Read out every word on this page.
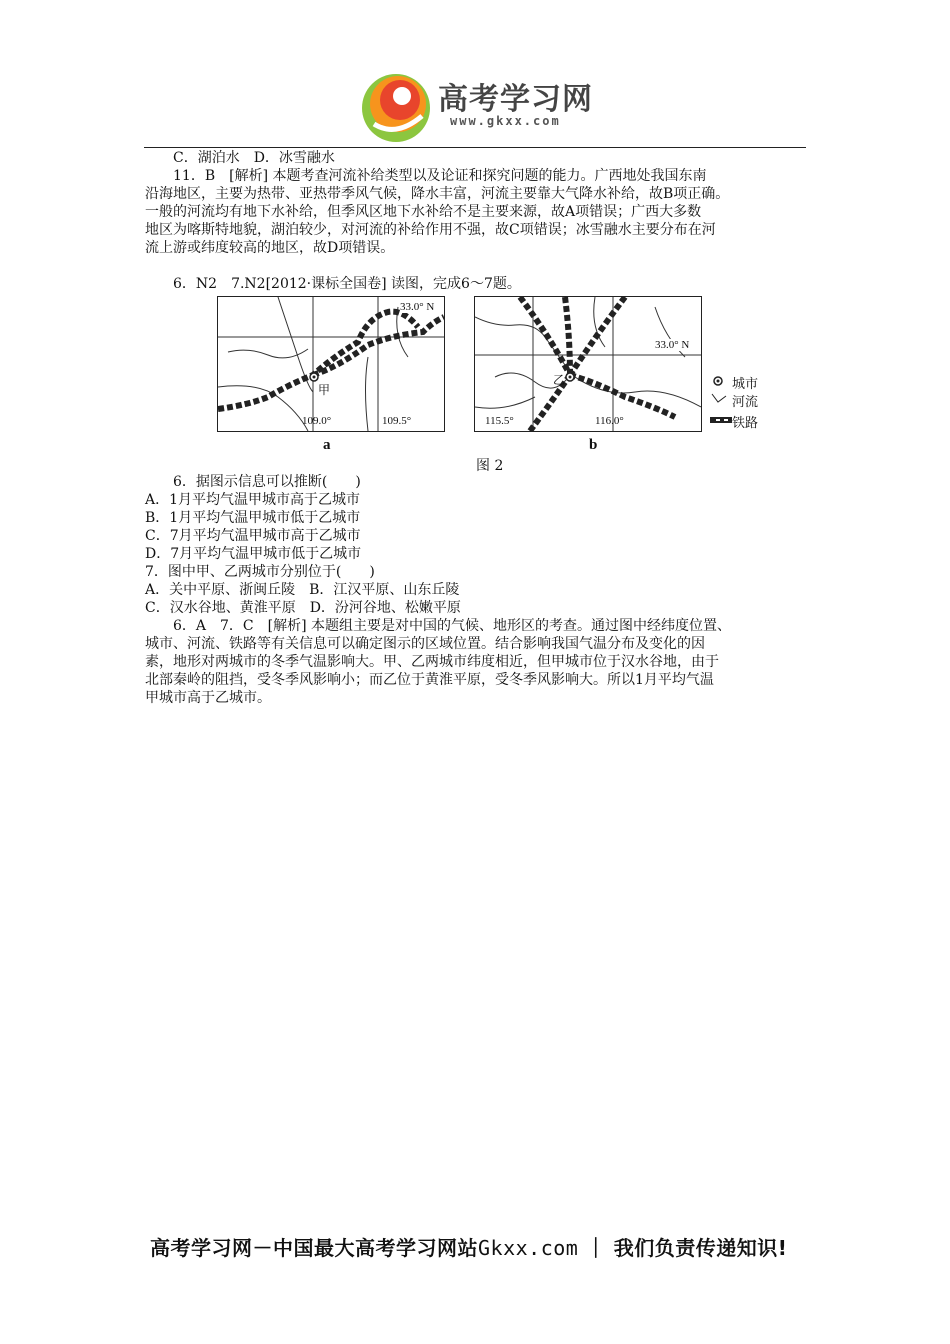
高考学习网
www.gkxx.com
C．湖泊水　D．冰雪融水
11．B　[解析] 本题考查河流补给类型以及论证和探究问题的能力。广西地处我国东南
沿海地区，主要为热带、亚热带季风气候，降水丰富，河流主要靠大气降水补给，故B项正确。
一般的河流均有地下水补给，但季风区地下水补给不是主要来源，故A项错误；广西大多数
地区为喀斯特地貌，湖泊较少，对河流的补给作用不强，故C项错误；冰雪融水主要分布在河
流上游或纬度较高的地区，故D项错误。
6．N2　7.N2[2012·课标全国卷] 读图，完成6～7题。
33.0° N
甲
109.0°	109.5°
a
33.0° N
乙
115.5°	116.0°
b
城市
河流
铁路
图 2
6．据图示信息可以推断(　　)
A．1月平均气温甲城市高于乙城市
B．1月平均气温甲城市低于乙城市
C．7月平均气温甲城市高于乙城市
D．7月平均气温甲城市低于乙城市
7．图中甲、乙两城市分别位于(　　)
A．关中平原、浙闽丘陵　B．江汉平原、山东丘陵
C．汉水谷地、黄淮平原　D．汾河谷地、松嫩平原
6．A　7．C　[解析] 本题组主要是对中国的气候、地形区的考查。通过图中经纬度位置、
城市、河流、铁路等有关信息可以确定图示的区域位置。结合影响我国气温分布及变化的因
素，地形对两城市的冬季气温影响大。甲、乙两城市纬度相近，但甲城市位于汉水谷地，由于
北部秦岭的阻挡，受冬季风影响小；而乙位于黄淮平原，受冬季风影响大。所以1月平均气温
甲城市高于乙城市。
高考学习网－中国最大高考学习网站Gkxx.com ｜ 我们负责传递知识!
